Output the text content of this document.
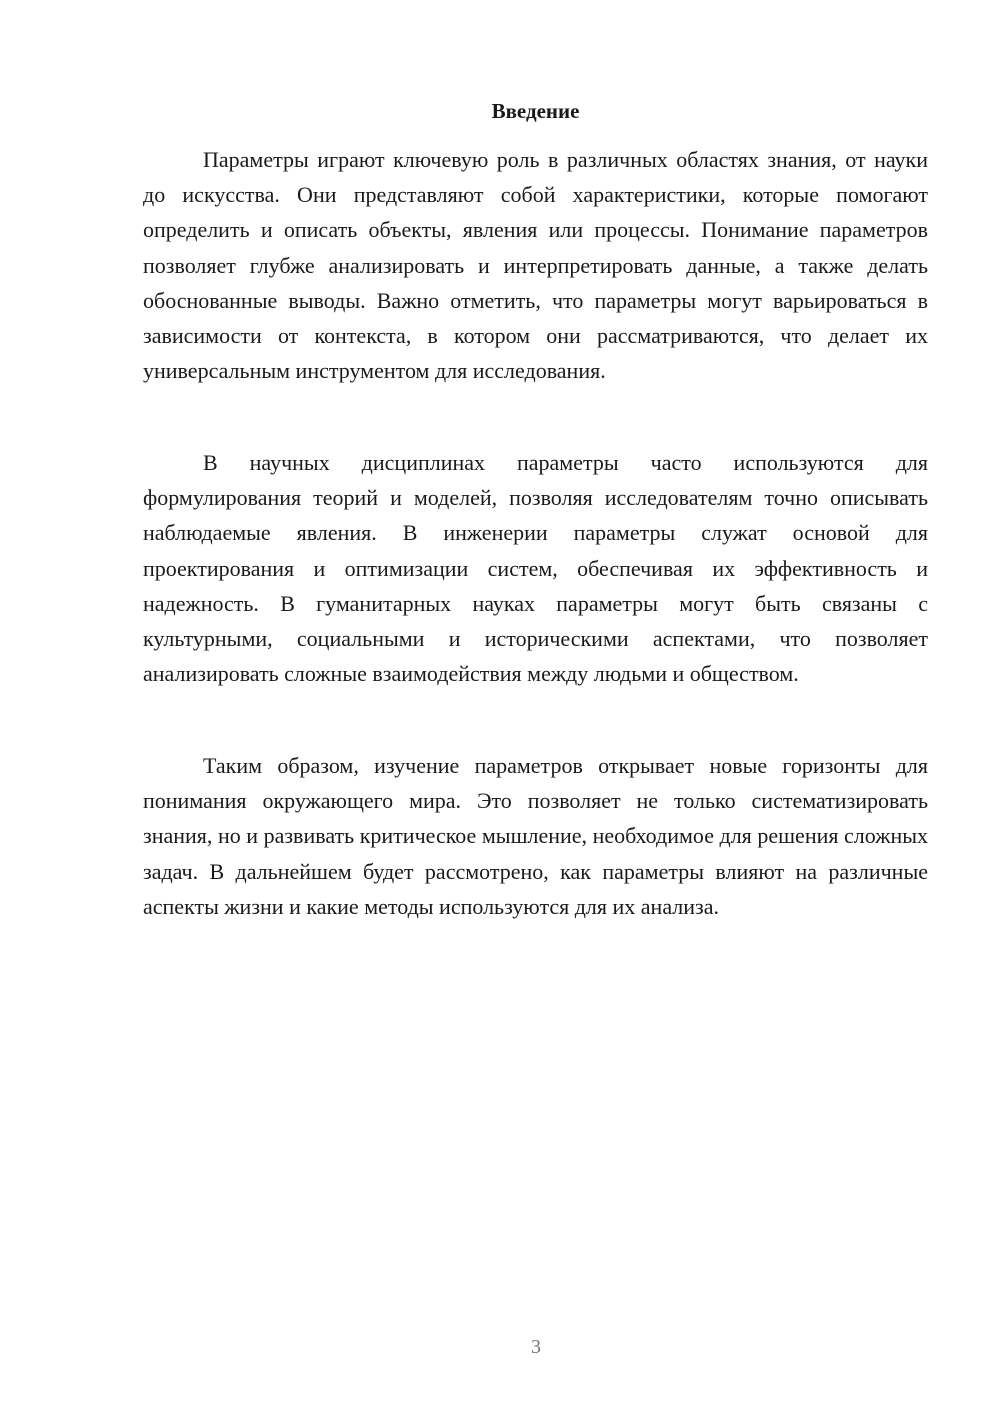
Введение

Параметры играют ключевую роль в различных областях знания, от науки до искусства. Они представляют собой характеристики, которые помогают определить и описать объекты, явления или процессы. Понимание параметров позволяет глубже анализировать и интерпретировать данные, а также делать обоснованные выводы. Важно отметить, что параметры могут варьироваться в зависимости от контекста, в котором они рассматриваются, что делает их универсальным инструментом для исследования.

В научных дисциплинах параметры часто используются для формулирования теорий и моделей, позволяя исследователям точно описывать наблюдаемые явления. В инженерии параметры служат основой для проектирования и оптимизации систем, обеспечивая их эффективность и надежность. В гуманитарных науках параметры могут быть связаны с культурными, социальными и историческими аспектами, что позволяет анализировать сложные взаимодействия между людьми и обществом.

Таким образом, изучение параметров открывает новые горизонты для понимания окружающего мира. Это позволяет не только систематизировать знания, но и развивать критическое мышление, необходимое для решения сложных задач. В дальнейшем будет рассмотрено, как параметры влияют на различные аспекты жизни и какие методы используются для их анализа.

3
